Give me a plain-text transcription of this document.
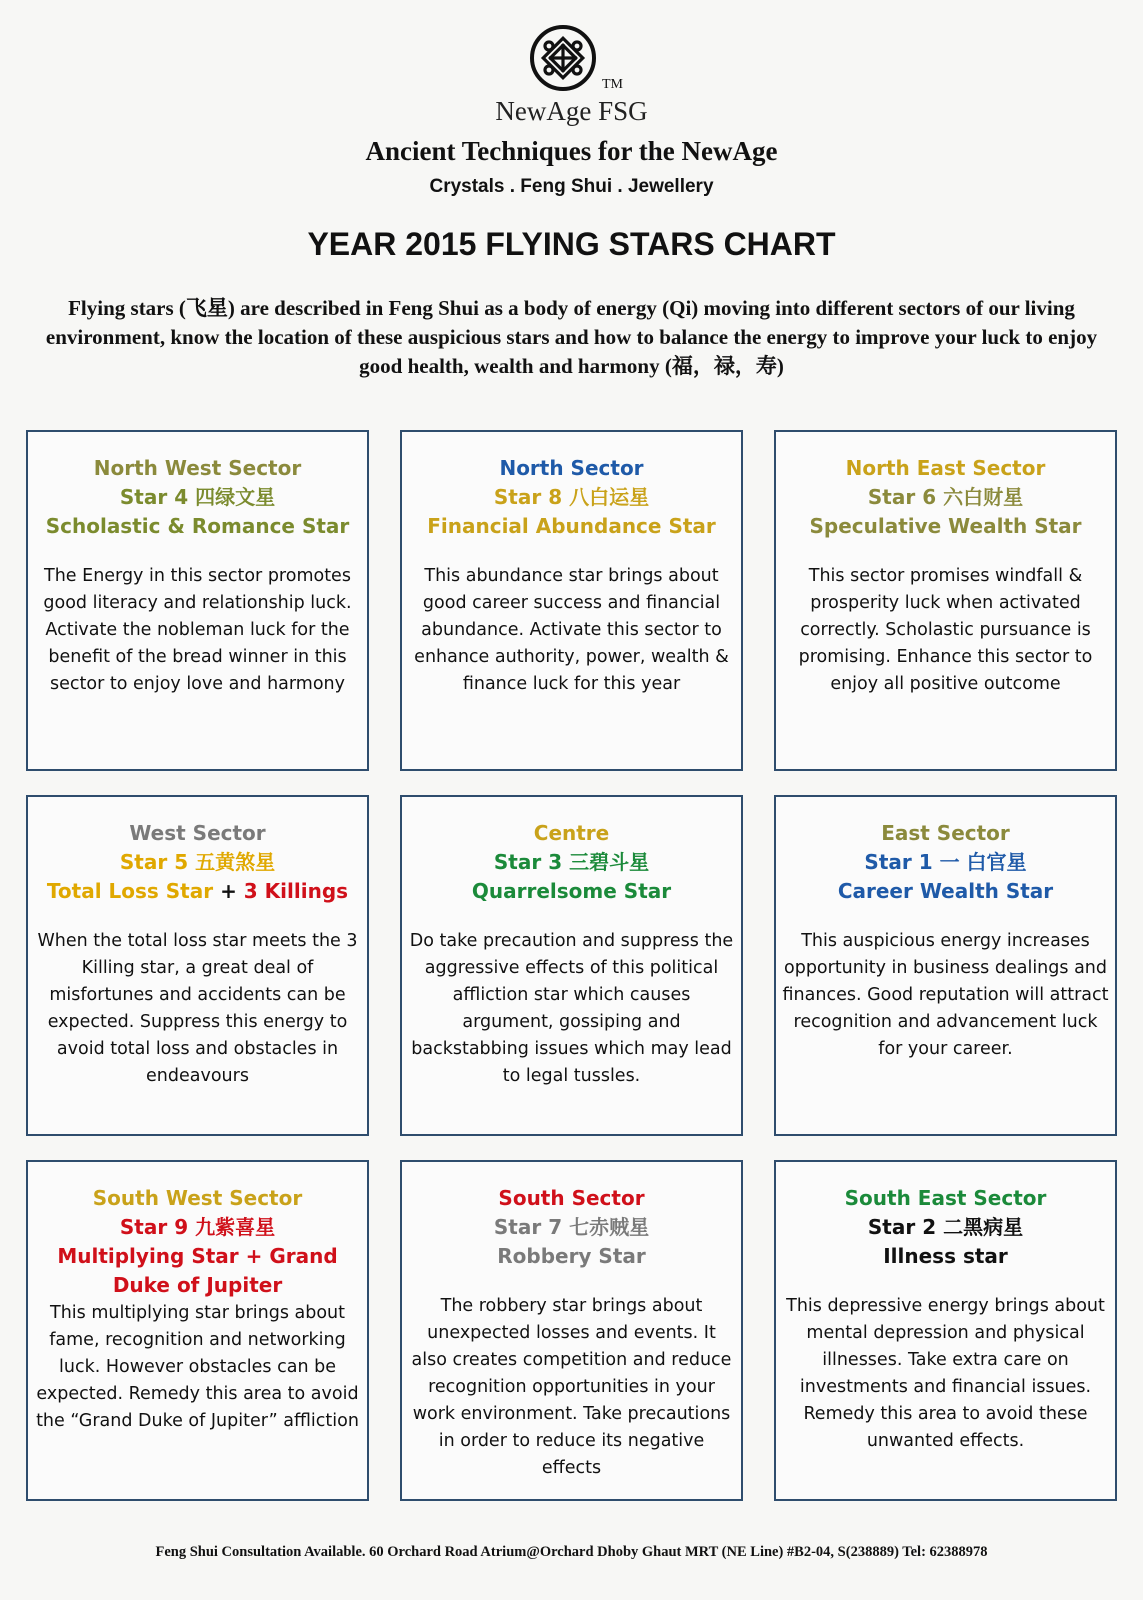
TM
NewAge FSG
Ancient Techniques for the NewAge
Crystals . Feng Shui . Jewellery
YEAR 2015 FLYING STARS CHART
Flying stars (飞星) are described in Feng Shui as a body of energy (Qi) moving into different sectors of our living environment, know the location of these auspicious stars and how to balance the energy to improve your luck to enjoy good health, wealth and harmony (福，禄，寿)
North West Sector
Star 4 四绿文星
Scholastic & Romance Star
The Energy in this sector promotes good literacy and relationship luck. Activate the nobleman luck for the benefit of the bread winner in this sector to enjoy love and harmony
North Sector
Star 8 八白运星
Financial Abundance Star
This abundance star brings about good career success and financial abundance. Activate this sector to enhance authority, power, wealth & finance luck for this year
North East Sector
Star 6 六白财星
Speculative Wealth Star
This sector promises windfall & prosperity luck when activated correctly. Scholastic pursuance is promising. Enhance this sector to enjoy all positive outcome
West Sector
Star 5 五黄煞星
Total Loss Star + 3 Killings
When the total loss star meets the 3 Killing star, a great deal of misfortunes and accidents can be expected. Suppress this energy to avoid total loss and obstacles in endeavours
Centre
Star 3 三碧斗星
Quarrelsome Star
Do take precaution and suppress the aggressive effects of this political affliction star which causes argument, gossiping and backstabbing issues which may lead to legal tussles.
East Sector
Star 1 一 白官星
Career Wealth Star
This auspicious energy increases opportunity in business dealings and finances. Good reputation will attract recognition and advancement luck for your career.
South West Sector
Star 9 九紫喜星
Multiplying Star + Grand Duke of Jupiter
This multiplying star brings about fame, recognition and networking luck. However obstacles can be expected. Remedy this area to avoid the “Grand Duke of Jupiter” affliction
South Sector
Star 7 七赤贼星
Robbery Star
The robbery star brings about unexpected losses and events. It also creates competition and reduce recognition opportunities in your work environment. Take precautions in order to reduce its negative effects
South East Sector
Star 2 二黑病星
Illness star
This depressive energy brings about mental depression and physical illnesses. Take extra care on investments and financial issues. Remedy this area to avoid these unwanted effects.
Feng Shui Consultation Available. 60 Orchard Road Atrium@Orchard Dhoby Ghaut MRT (NE Line) #B2-04, S(238889) Tel: 62388978
